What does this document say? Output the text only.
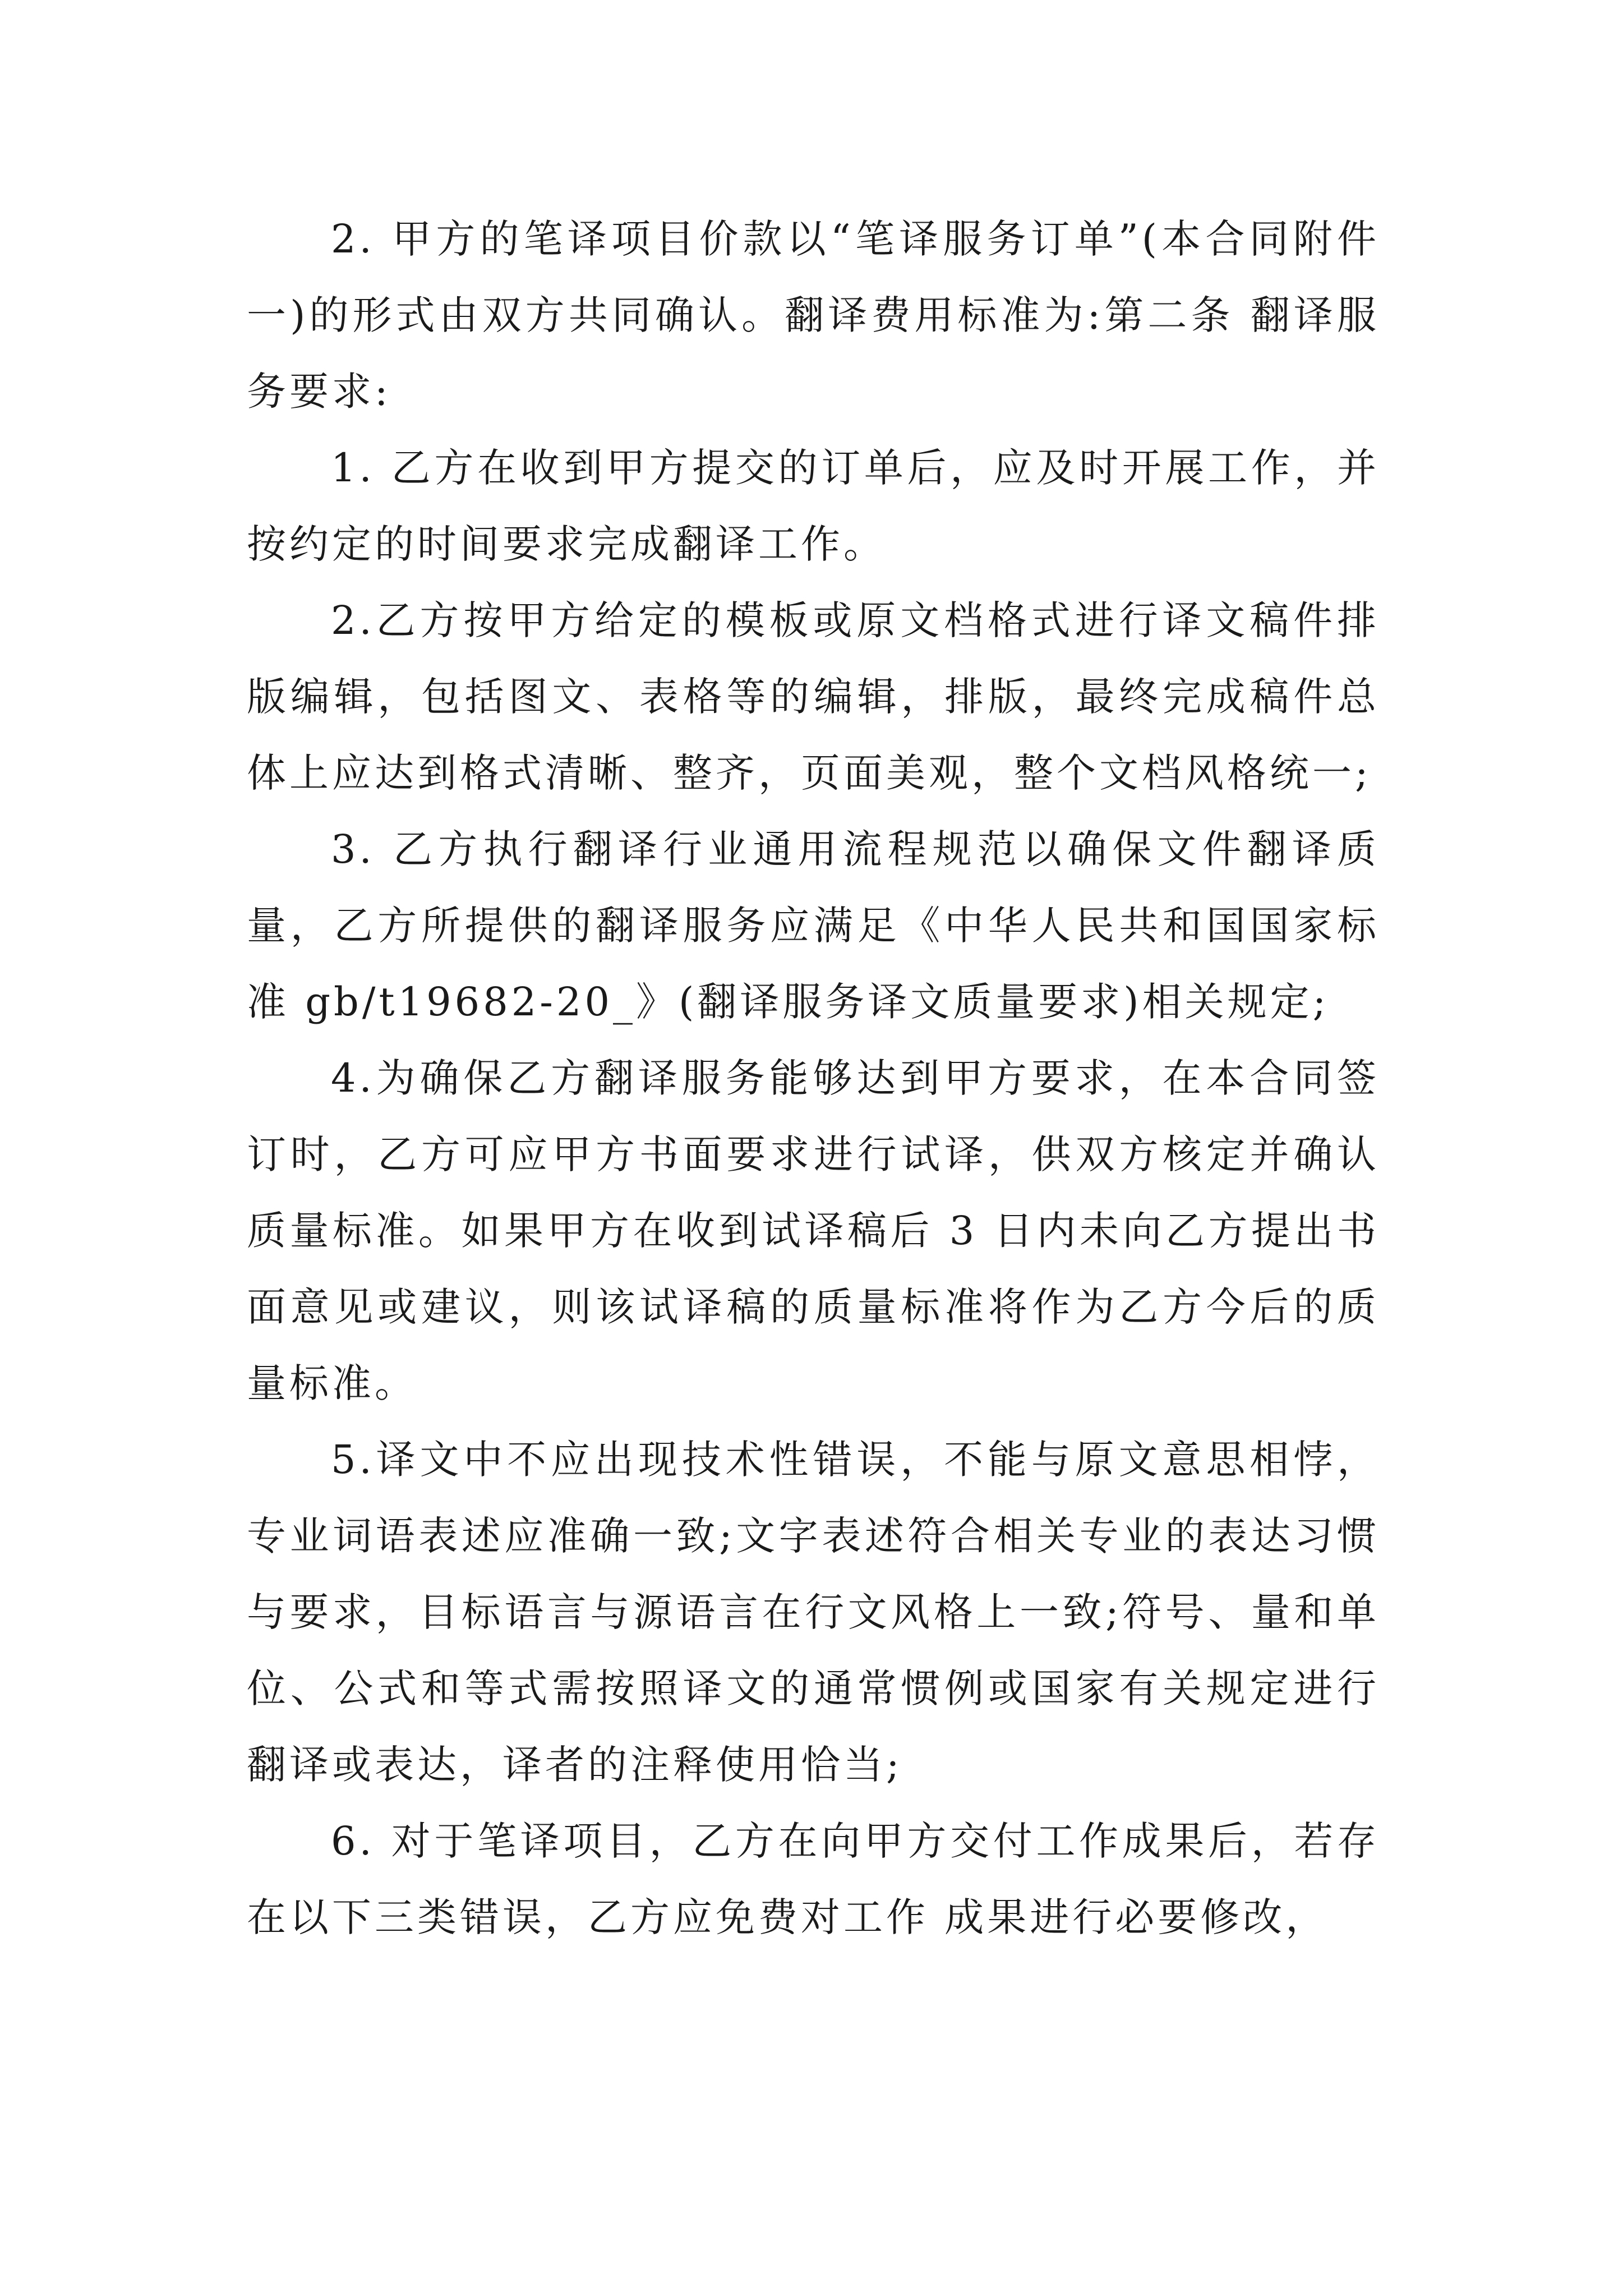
2. 甲方的笔译项目价款以“笔译服务订单”(本合同附件一)的形式由双方共同确认。翻译费用标准为:第二条 翻译服务要求:

1. 乙方在收到甲方提交的订单后，应及时开展工作，并按约定的时间要求完成翻译工作。

2.乙方按甲方给定的模板或原文档格式进行译文稿件排版编辑，包括图文、表格等的编辑，排版，最终完成稿件总体上应达到格式清晰、整齐，页面美观，整个文档风格统一;

3. 乙方执行翻译行业通用流程规范以确保文件翻译质量，乙方所提供的翻译服务应满足《中华人民共和国国家标准 gb/t19682-20_》(翻译服务译文质量要求)相关规定;

4.为确保乙方翻译服务能够达到甲方要求，在本合同签订时，乙方可应甲方书面要求进行试译，供双方核定并确认质量标准。如果甲方在收到试译稿后 3 日内未向乙方提出书面意见或建议，则该试译稿的质量标准将作为乙方今后的质量标准。

5.译文中不应出现技术性错误，不能与原文意思相悖，专业词语表述应准确一致;文字表述符合相关专业的表达习惯与要求，目标语言与源语言在行文风格上一致;符号、量和单位、公式和等式需按照译文的通常惯例或国家有关规定进行翻译或表达，译者的注释使用恰当;

6. 对于笔译项目，乙方在向甲方交付工作成果后，若存在以下三类错误，乙方应免费对工作 成果进行必要修改，
